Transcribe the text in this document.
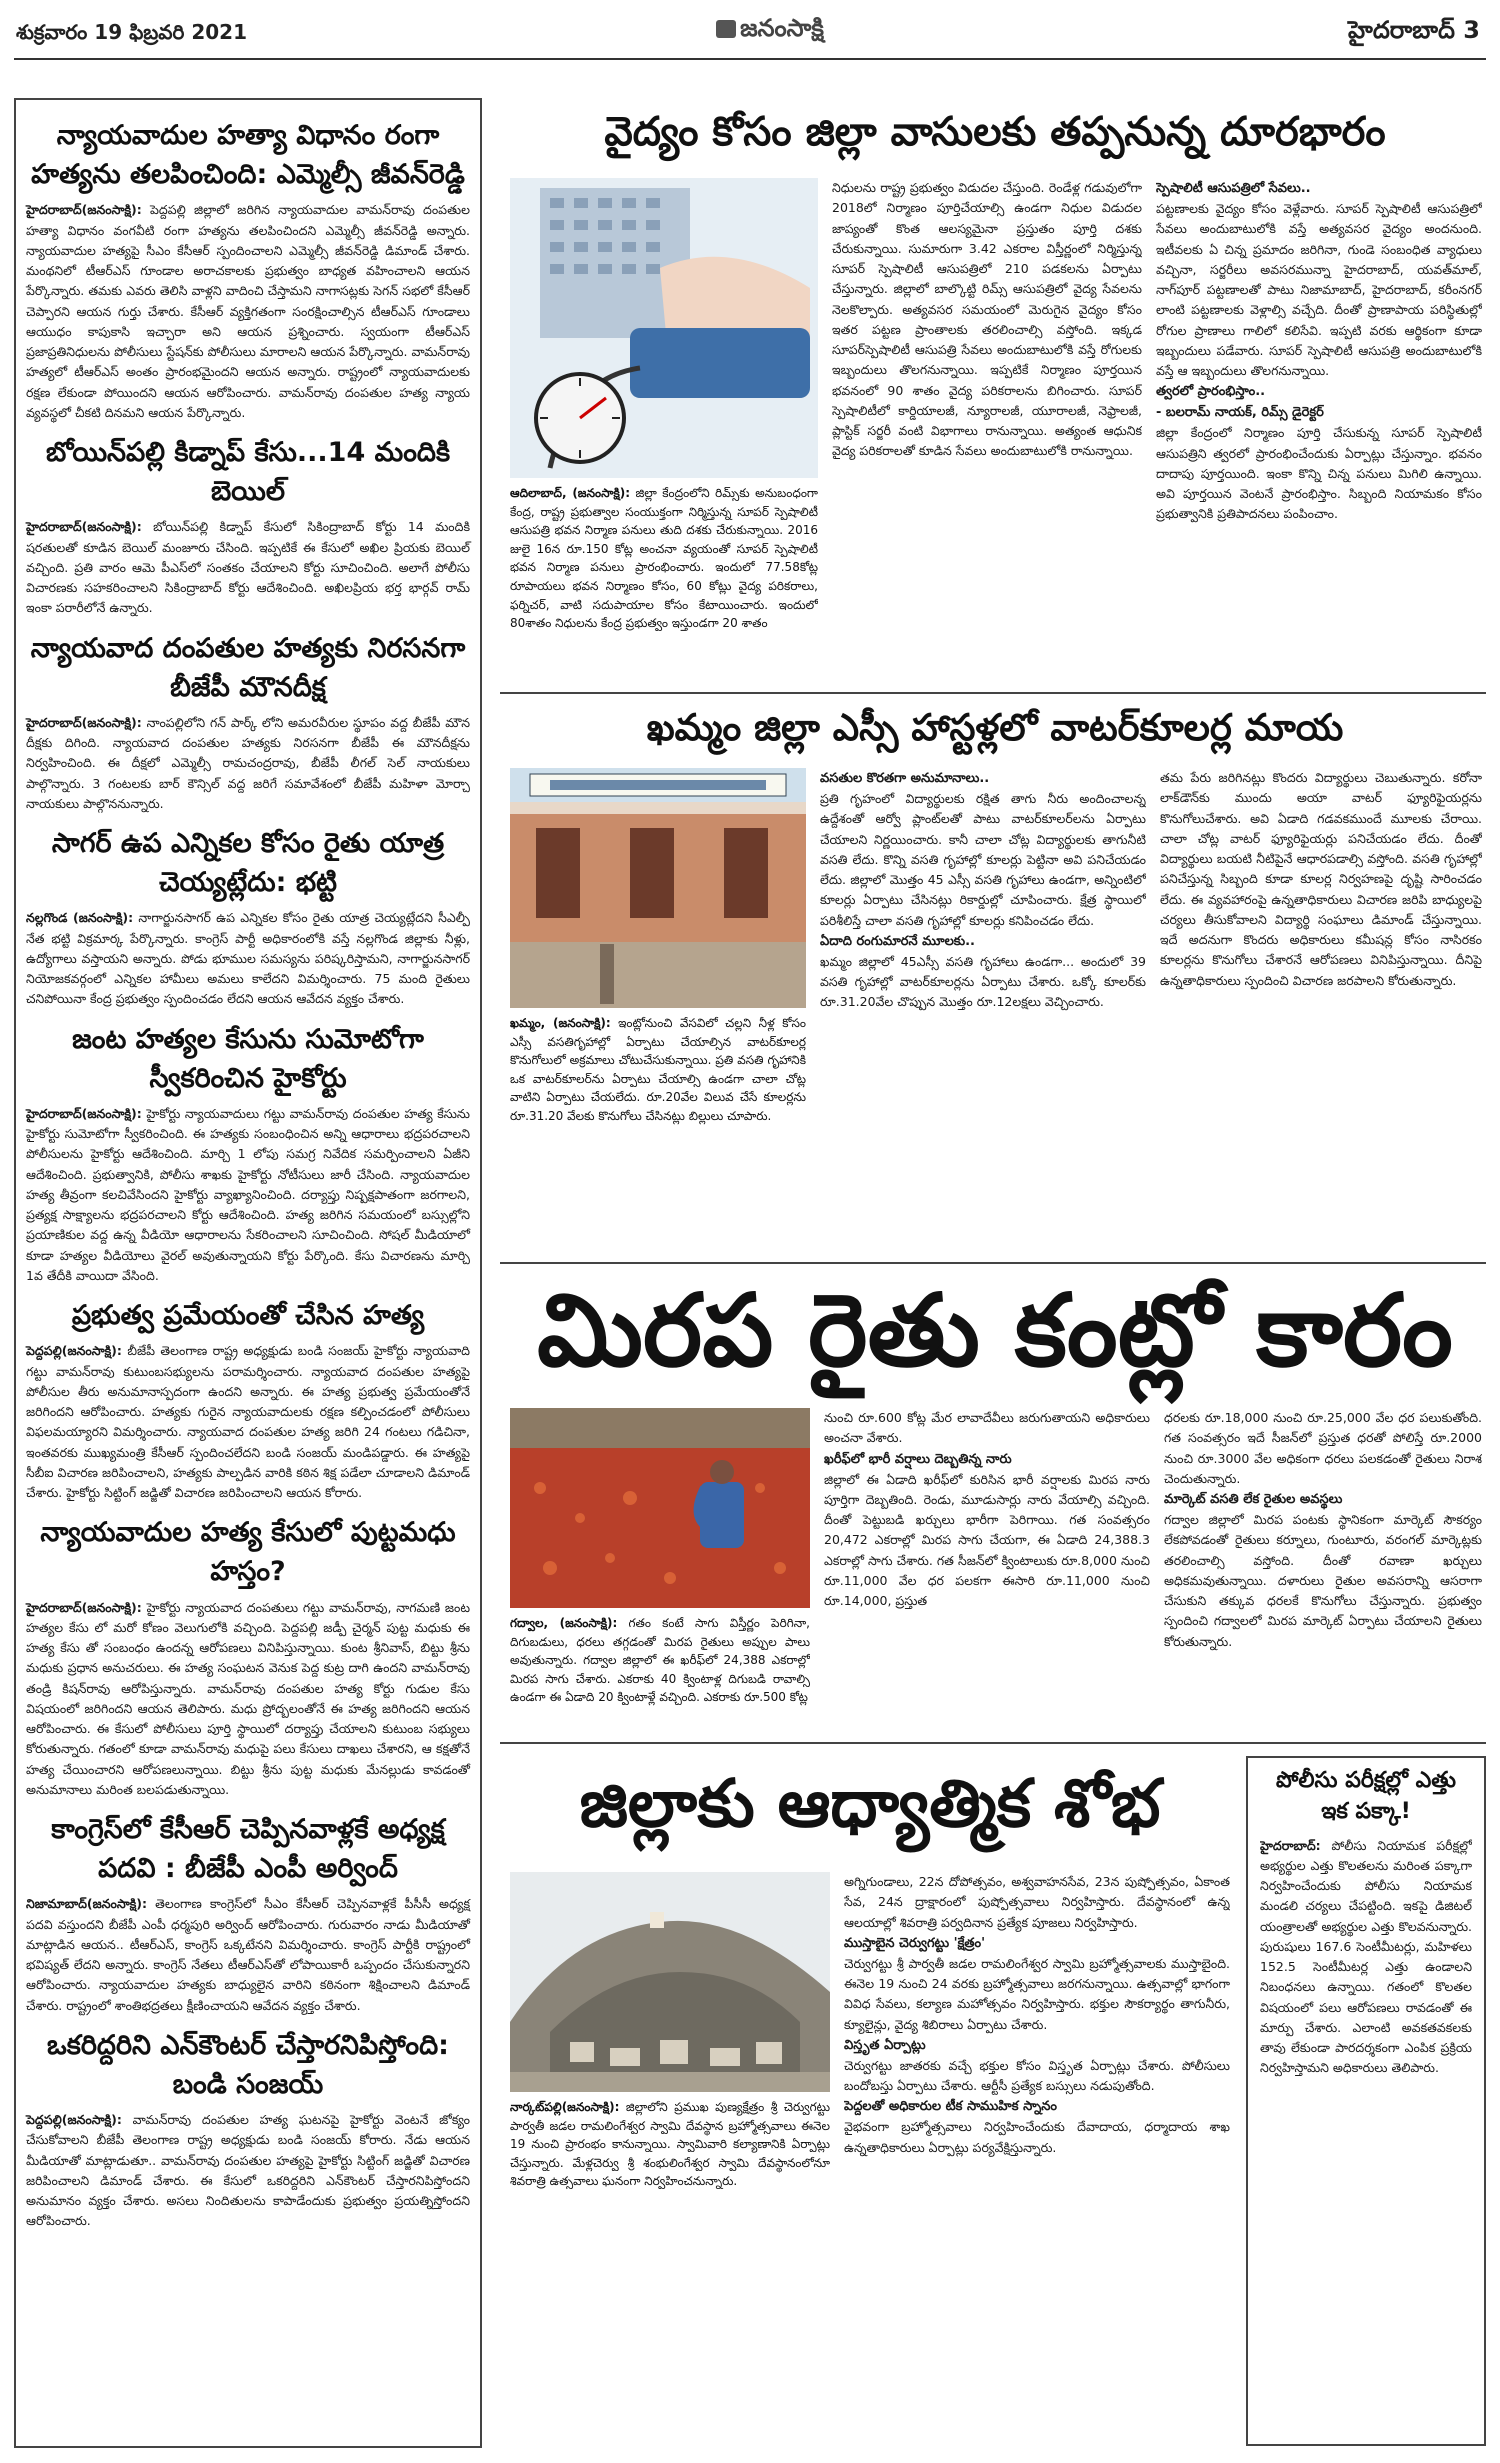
శుక్రవారం 19 ఫిబ్రవరి 2021	జనంసాక్షి	హైదరాబాద్ 3
న్యాయవాదుల హత్యా విధానం రంగా హత్యను తలపించింది: ఎమ్మెల్సీ జీవన్‌రెడ్డి

హైదరాబాద్‌(జనంసాక్షి): పెద్దపల్లి జిల్లాలో జరిగిన న్యాయవాదుల వామన్‌రావు దంపతుల హత్యా విధానం వంగవీటి రంగా హత్యను తలపించిందని ఎమ్మెల్సీ జీవన్‌రెడ్డి అన్నారు. న్యాయవాదుల హత్యపై సీఎం కేసీఆర్‌ స్పందించాలని ఎమ్మెల్సీ జీవన్‌రెడ్డి డిమాండ్‌ చేశారు. మంథనిలో టీఆర్‌ఎస్‌ గూండాల అరాచకాలకు ప్రభుత్వం బాధ్యత వహించాలని ఆయన పేర్కొన్నారు. తమకు ఎవరు తెలిసి వాళ్లని వాదించి చేస్తామని నాగాసట్లకు సెగన్‌ సభలో కేసీఆర్‌ చెప్పారని ఆయన గుర్తు చేశారు. కేసీఆర్‌ వ్యక్తిగతంగా సంరక్షించాల్సిన టీఆర్‌ఎస్‌ గూండాలు ఆయుధం కాపుకాసి ఇచ్చారా అని ఆయన ప్రశ్నించారు. స్వయంగా టీఆర్‌ఎస్‌ ప్రజాప్రతినిధులను పోలీసులు స్టేషన్‌కు పోలీసులు మారాలని ఆయన పేర్కొన్నారు. వామన్‌రావు హత్యలో టీఆర్‌ఎస్‌ అంతం ప్రారంభమైందని ఆయన అన్నారు. రాష్ట్రంలో న్యాయవాదులకు రక్షణ లేకుండా పోయిందని ఆయన ఆరోపించారు. వామన్‌రావు దంపతుల హత్య న్యాయ వ్యవస్థలో చీకటి దినమని ఆయన పేర్కొన్నారు.

బోయిన్‌పల్లి కిడ్నాప్‌ కేసు...14 మందికి బెయిల్‌

హైదరాబాద్‌(జనంసాక్షి): బోయిన్‌పల్లి కిడ్నాప్‌ కేసులో సికింద్రాబాద్‌ కోర్టు 14 మందికి షరతులతో కూడిన బెయిల్‌ మంజూరు చేసింది. ఇప్పటికే ఈ కేసులో అఖిల ప్రియకు బెయిల్‌ వచ్చింది. ప్రతి వారం ఆమె పీఎస్‌లో సంతకం చేయాలని కోర్టు సూచించింది. అలాగే పోలీసు విచారణకు సహకరించాలని సికింద్రాబాద్‌ కోర్టు ఆదేశించింది. అఖిలప్రియ భర్త భార్గవ్‌ రామ్‌ ఇంకా పరారీలోనే ఉన్నారు.

న్యాయవాద దంపతుల హత్యకు నిరసనగా బీజేపీ మౌనదీక్ష

హైదరాబాద్‌(జనంసాక్షి): నాంపల్లిలోని గన్‌ పార్క్‌ లోని అమరవీరుల స్థూపం వద్ద బీజేపీ మౌన దీక్షకు దిగింది. న్యాయవాద దంపతుల హత్యకు నిరసనగా బీజేపీ ఈ మౌనదీక్షను నిర్వహించింది. ఈ దీక్షలో ఎమ్మెల్సీ రామచంద్రరావు, బీజేపీ లీగల్‌ సెల్‌ నాయకులు పాల్గొన్నారు. 3 గంటలకు బార్‌ కౌన్సిల్‌ వద్ద జరిగే సమావేశంలో బీజేపీ మహిళా మోర్చా నాయకులు పాల్గొననున్నారు.

సాగర్‌ ఉప ఎన్నికల కోసం రైతు యాత్ర చెయ్యట్లేదు: భట్టి

నల్లగొండ (జనంసాక్షి): నాగార్జునసాగర్‌ ఉప ఎన్నికల కోసం రైతు యాత్ర చెయ్యట్లేదని సీఎల్పీ నేత భట్టి విక్రమార్క పేర్కొన్నారు. కాంగ్రెస్‌ పార్టీ అధికారంలోకి వస్తే నల్లగొండ జిల్లాకు నీళ్లు, ఉద్యోగాలు వస్తాయని అన్నారు. పోడు భూముల సమస్యను పరిష్కరిస్తామని, నాగార్జునసాగర్‌ నియోజకవర్గంలో ఎన్నికల హామీలు అమలు కాలేదని విమర్శించారు. 75 మంది రైతులు చనిపోయినా కేంద్ర ప్రభుత్వం స్పందించడం లేదని ఆయన ఆవేదన వ్యక్తం చేశారు.

జంట హత్యల కేసును సుమోటోగా స్వీకరించిన హైకోర్టు

హైదరాబాద్‌(జనంసాక్షి): హైకోర్టు న్యాయవాదులు గట్టు వామన్‌రావు దంపతుల హత్య కేసును హైకోర్టు సుమోటోగా స్వీకరించింది. ఈ హత్యకు సంబంధించిన అన్ని ఆధారాలు భద్రపరచాలని పోలీసులను హైకోర్టు ఆదేశించింది. మార్చి 1 లోపు సమగ్ర నివేదిక సమర్పించాలని ఏజీని ఆదేశించింది. ప్రభుత్వానికి, పోలీసు శాఖకు హైకోర్టు నోటీసులు జారీ చేసింది. న్యాయవాదుల హత్య తీవ్రంగా కలచివేసిందని హైకోర్టు వ్యాఖ్యానించింది. దర్యాప్తు నిష్పక్షపాతంగా జరగాలని, ప్రత్యక్ష సాక్ష్యాలను భద్రపరచాలని కోర్టు ఆదేశించింది. హత్య జరిగిన సమయంలో బస్సుల్లోని ప్రయాణికుల వద్ద ఉన్న వీడియో ఆధారాలను సేకరించాలని సూచించింది. సోషల్‌ మీడియాలో కూడా హత్యల వీడియోలు వైరల్‌ అవుతున్నాయని కోర్టు పేర్కొంది. కేసు విచారణను మార్చి 1వ తేదీకి వాయిదా వేసింది.

ప్రభుత్వ ప్రమేయంతో చేసిన హత్య

పెద్దపల్లి(జనంసాక్షి): బీజేపీ తెలంగాణ రాష్ట్ర అధ్యక్షుడు బండి సంజయ్‌ హైకోర్టు న్యాయవాది గట్టు వామన్‌రావు కుటుంబసభ్యులను పరామర్శించారు. న్యాయవాద దంపతుల హత్యపై పోలీసుల తీరు అనుమానాస్పదంగా ఉందని అన్నారు. ఈ హత్య ప్రభుత్వ ప్రమేయంతోనే జరిగిందని ఆరోపించారు. హత్యకు గురైన న్యాయవాదులకు రక్షణ కల్పించడంలో పోలీసులు విఫలమయ్యారని విమర్శించారు. న్యాయవాద దంపతుల హత్య జరిగి 24 గంటలు గడిచినా, ఇంతవరకు ముఖ్యమంత్రి కేసీఆర్‌ స్పందించలేదని బండి సంజయ్‌ మండిపడ్డారు. ఈ హత్యపై సీబీఐ విచారణ జరిపించాలని, హత్యకు పాల్పడిన వారికి కఠిన శిక్ష పడేలా చూడాలని డిమాండ్‌ చేశారు. హైకోర్టు సిట్టింగ్‌ జడ్జితో విచారణ జరిపించాలని ఆయన కోరారు.

న్యాయవాదుల హత్య కేసులో పుట్టమధు హస్తం?

హైదరాబాద్‌(జనంసాక్షి): హైకోర్టు న్యాయవాద దంపతులు గట్టు వామన్‌రావు, నాగమణి జంట హత్యల కేసు లో మరో కోణం వెలుగులోకి వచ్చింది. పెద్దపల్లి జడ్పీ చైర్మన్‌ పుట్ట మధుకు ఈ హత్య కేసు తో సంబంధం ఉందన్న ఆరోపణలు వినిపిస్తున్నాయి. కుంట శ్రీనివాస్‌, బిట్టు శ్రీను మధుకు ప్రధాన అనుచరులు. ఈ హత్య సంఘటన వెనుక పెద్ద కుట్ర దాగి ఉందని వామన్‌రావు తండ్రి కిషన్‌రావు ఆరోపిస్తున్నారు. వామన్‌రావు దంపతుల హత్య కోర్టు గుడుల కేసు విషయంలో జరిగిందని ఆయన తెలిపారు. మధు ప్రోద్బలంతోనే ఈ హత్య జరిగిందని ఆయన ఆరోపించారు. ఈ కేసులో పోలీసులు పూర్తి స్థాయిలో దర్యాప్తు చేయాలని కుటుంబ సభ్యులు కోరుతున్నారు. గతంలో కూడా వామన్‌రావు మధుపై పలు కేసులు దాఖలు చేశారని, ఆ కక్షతోనే హత్య చేయించారని ఆరోపణలున్నాయి. బిట్టు శ్రీను పుట్ట మధుకు మేనల్లుడు కావడంతో అనుమానాలు మరింత బలపడుతున్నాయి.

కాంగ్రెస్‌లో కేసీఆర్‌ చెప్పినవాళ్లకే అధ్యక్ష పదవి : బీజేపీ ఎంపీ అర్వింద్‌

నిజామాబాద్‌(జనంసాక్షి): తెలంగాణ కాంగ్రెస్‌లో సీఎం కేసీఆర్‌ చెప్పినవాళ్లకే పీసీసీ అధ్యక్ష పదవి వస్తుందని బీజేపీ ఎంపీ ధర్మపురి అర్వింద్‌ ఆరోపించారు. గురువారం నాడు మీడియాతో మాట్లాడిన ఆయన.. టీఆర్‌ఎస్‌, కాంగ్రెస్‌ ఒక్కటేనని విమర్శించారు. కాంగ్రెస్‌ పార్టీకి రాష్ట్రంలో భవిష్యత్‌ లేదని అన్నారు. కాంగ్రెస్‌ నేతలు టీఆర్‌ఎస్‌తో లోపాయికారీ ఒప్పందం చేసుకున్నారని ఆరోపించారు. న్యాయవాదుల హత్యకు బాధ్యులైన వారిని కఠినంగా శిక్షించాలని డిమాండ్‌ చేశారు. రాష్ట్రంలో శాంతిభద్రతలు క్షీణించాయని ఆవేదన వ్యక్తం చేశారు.

ఒకరిద్దరిని ఎన్‌కౌంటర్‌ చేస్తారనిపిస్తోంది: బండి సంజయ్‌

పెద్దపల్లి(జనంసాక్షి): వామన్‌రావు దంపతుల హత్య ఘటనపై హైకోర్టు వెంటనే జోక్యం చేసుకోవాలని బీజేపీ తెలంగాణ రాష్ట్ర అధ్యక్షుడు బండి సంజయ్‌ కోరారు. నేడు ఆయన మీడియాతో మాట్లాడుతూ.. వామన్‌రావు దంపతుల హత్యపై హైకోర్టు సిట్టింగ్‌ జడ్జితో విచారణ జరిపించాలని డిమాండ్‌ చేశారు. ఈ కేసులో ఒకరిద్దరిని ఎన్‌కౌంటర్‌ చేస్తారనిపిస్తోందని అనుమానం వ్యక్తం చేశారు. అసలు నిందితులను కాపాడేందుకు ప్రభుత్వం ప్రయత్నిస్తోందని ఆరోపించారు.

వైద్యం కోసం జిల్లా వాసులకు తప్పనున్న దూరభారం
ఆదిలాబాద్‌, (జనంసాక్షి): జిల్లా కేంద్రంలోని రిమ్స్‌కు అనుబంధంగా కేంద్ర, రాష్ట్ర ప్రభుత్వాల సంయుక్తంగా నిర్మిస్తున్న సూపర్‌ స్పెషాలిటీ ఆసుపత్రి భవన నిర్మాణ పనులు తుది దశకు చేరుకున్నాయి. 2016 జులై 16న రూ.150 కోట్ల అంచనా వ్యయంతో సూపర్‌ స్పెషాలిటీ భవన నిర్మాణ పనులు ప్రారంభించారు. ఇందులో 77.58కోట్ల రూపాయలు భవన నిర్మాణం కోసం, 60 కోట్లు వైద్య పరికరాలు, ఫర్నిచర్‌, వాటి సదుపాయాల కోసం కేటాయించారు. ఇందులో 80శాతం నిధులను కేంద్ర ప్రభుత్వం ఇస్తుండగా 20 శాతం
నిధులను రాష్ట్ర ప్రభుత్వం విడుదల చేస్తుంది. రెండేళ్ల గడువులోగా 2018లో నిర్మాణం పూర్తిచేయాల్సి ఉండగా నిధుల విడుదల జాప్యంతో కొంత ఆలస్యమైనా ప్రస్తుతం పూర్తి దశకు చేరుకున్నాయి. సుమారుగా 3.42 ఎకరాల విస్తీర్ణంలో నిర్మిస్తున్న సూపర్‌ స్పెషాలిటీ ఆసుపత్రిలో 210 పడకలను ఏర్పాటు చేస్తున్నారు. జిల్లాలో బాల్కొట్టి రిమ్స్‌ ఆసుపత్రిలో వైద్య సేవలను నెలకొల్పారు. అత్యవసర సమయంలో మెరుగైన వైద్యం కోసం ఇతర పట్టణ ప్రాంతాలకు తరలించాల్సి వస్తోంది. ఇక్కడ సూపర్‌స్పెషాలిటీ ఆసుపత్రి సేవలు అందుబాటులోకి వస్తే రోగులకు ఇబ్బందులు తొలగనున్నాయి. ఇప్పటికే నిర్మాణం పూర్తయిన భవనంలో 90 శాతం వైద్య పరికరాలను బిగించారు. సూపర్‌ స్పెషాలిటీలో కార్డియాలజీ, న్యూరాలజీ, యూరాలజీ, నెఫ్రాలజీ, ప్లాస్టిక్‌ సర్జరీ వంటి విభాగాలు రానున్నాయి. అత్యంత ఆధునిక వైద్య పరికరాలతో కూడిన సేవలు అందుబాటులోకి రానున్నాయి.
స్పెషాలిటీ ఆసుపత్రిలో సేవలు..
పట్టణాలకు వైద్యం కోసం వెళ్లేవారు. సూపర్‌ స్పెషాలిటీ ఆసుపత్రిలో సేవలు అందుబాటులోకి వస్తే అత్యవసర వైద్యం అందనుంది. ఇటీవలకు ఏ చిన్న ప్రమాదం జరిగినా, గుండె సంబంధిత వ్యాధులు వచ్చినా, సర్జరీలు అవసరమున్నా హైదరాబాద్‌, యవత్‌మాల్‌, నాగ్‌పూర్‌ పట్టణాలతో పాటు నిజామాబాద్‌, హైదరాబాద్‌, కరీంనగర్‌ లాంటి పట్టణాలకు వెళ్లాల్సి వచ్చేది. దీంతో ప్రాణాపాయ పరిస్థితుల్లో రోగుల ప్రాణాలు గాలిలో కలిసేవి. ఇప్పటి వరకు ఆర్థికంగా కూడా ఇబ్బందులు పడేవారు. సూపర్‌ స్పెషాలిటీ ఆసుపత్రి అందుబాటులోకి వస్తే ఆ ఇబ్బందులు తొలగనున్నాయి.
త్వరలో ప్రారంభిస్తాం..
- బలరామ్‌ నాయక్‌, రిమ్స్‌ డైరెక్టర్‌
జిల్లా కేంద్రంలో నిర్మాణం పూర్తి చేసుకున్న సూపర్‌ స్పెషాలిటీ ఆసుపత్రిని త్వరలో ప్రారంభించేందుకు ఏర్పాట్లు చేస్తున్నాం. భవనం దాదాపు పూర్తయింది. ఇంకా కొన్ని చిన్న పనులు మిగిలి ఉన్నాయి. అవి పూర్తయిన వెంటనే ప్రారంభిస్తాం. సిబ్బంది నియామకం కోసం ప్రభుత్వానికి ప్రతిపాదనలు పంపించాం.
ఖమ్మం జిల్లా ఎస్సీ హాస్టళ్లలో వాటర్‌కూలర్ల మాయ
ఖమ్మం, (జనంసాక్షి): ఇంట్లోనుంచి వేసవిలో చల్లని నీళ్ల కోసం ఎస్సీ వసతిగృహాల్లో ఏర్పాటు చేయాల్సిన వాటర్‌కూలర్ల కొనుగోలులో అక్రమాలు చోటుచేసుకున్నాయి. ప్రతి వసతి గృహానికి ఒక వాటర్‌కూలర్‌ను ఏర్పాటు చేయాల్సి ఉండగా చాలా చోట్ల వాటిని ఏర్పాటు చేయలేదు. రూ.20వేల విలువ చేసే కూలర్లను రూ.31.20 వేలకు కొనుగోలు చేసినట్లు బిల్లులు చూపారు.
వసతుల కొరతగా అనుమానాలు..
ప్రతి గృహంలో విద్యార్థులకు రక్షిత తాగు నీరు అందించాలన్న ఉద్దేశంతో ఆర్వో ప్లాంట్‌లతో పాటు వాటర్‌కూలర్‌లను ఏర్పాటు చేయాలని నిర్ణయించారు. కానీ చాలా చోట్ల విద్యార్థులకు తాగునీటి వసతి లేదు. కొన్ని వసతి గృహాల్లో కూలర్లు పెట్టినా అవి పనిచేయడం లేదు. జిల్లాలో మొత్తం 45 ఎస్సీ వసతి గృహాలు ఉండగా, అన్నింటిలో కూలర్లు ఏర్పాటు చేసినట్లు రికార్డుల్లో చూపించారు. క్షేత్ర స్థాయిలో పరిశీలిస్తే చాలా వసతి గృహాల్లో కూలర్లు కనిపించడం లేదు.
ఏదాది రంగుమారనే మూలకు..
ఖమ్మం జిల్లాలో 45ఎస్సీ వసతి గృహాలు ఉండగా... అందులో 39 వసతి గృహాల్లో వాటర్‌కూలర్లను ఏర్పాటు చేశారు. ఒక్కో కూలర్‌కు రూ.31.20వేల చొప్పున మొత్తం రూ.12లక్షలు వెచ్చించారు.
తమ పేరు జరిగినట్లు కొందరు విద్యార్థులు చెబుతున్నారు. కరోనా లాక్‌డౌన్‌కు ముందు అయా వాటర్‌ ఫ్యూరిఫైయర్లను కొనుగోలుచేశారు. అవి ఏడాది గడవకముందే మూలకు చేరాయి. చాలా చోట్ల వాటర్‌ ఫ్యూరిఫైయర్లు పనిచేయడం లేదు. దీంతో విద్యార్థులు బయటి నీటిపైనే ఆధారపడాల్సి వస్తోంది. వసతి గృహాల్లో పనిచేస్తున్న సిబ్బంది కూడా కూలర్ల నిర్వహణపై దృష్టి సారించడం లేదు. ఈ వ్యవహారంపై ఉన్నతాధికారులు విచారణ జరిపి బాధ్యులపై చర్యలు తీసుకోవాలని విద్యార్థి సంఘాలు డిమాండ్‌ చేస్తున్నాయి. ఇదే అదనుగా కొందరు అధికారులు కమీషన్ల కోసం నాసిరకం కూలర్లను కొనుగోలు చేశారనే ఆరోపణలు వినిపిస్తున్నాయి. దీనిపై ఉన్నతాధికారులు స్పందించి విచారణ జరపాలని కోరుతున్నారు.
మిరప రైతు కంట్లో కారం
గద్వాల, (జనంసాక్షి): గతం కంటే సాగు విస్తీర్ణం పెరిగినా, దిగుబడులు, ధరలు తగ్గడంతో మిరప రైతులు అప్పుల పాలు అవుతున్నారు. గద్వాల జిల్లాలో ఈ ఖరీఫ్‌లో 24,388 ఎకరాల్లో మిరప సాగు చేశారు. ఎకరాకు 40 క్వింటాళ్ల దిగుబడి రావాల్సి ఉండగా ఈ ఏడాది 20 క్వింటాళ్లే వచ్చింది. ఎకరాకు రూ.500 కోట్ల
నుంచి రూ.600 కోట్ల మేర లావాదేవీలు జరుగుతాయని అధికారులు అంచనా వేశారు.
ఖరీఫ్‌లో భారీ వర్షాలు దెబ్బతిన్న నారు
జిల్లాలో ఈ ఏడాది ఖరీఫ్‌లో కురిసిన భారీ వర్షాలకు మిరప నారు పూర్తిగా దెబ్బతింది. రెండు, మూడుసార్లు నారు వేయాల్సి వచ్చింది. దీంతో పెట్టుబడి ఖర్చులు భారీగా పెరిగాయి. గత సంవత్సరం 20,472 ఎకరాల్లో మిరప సాగు చేయగా, ఈ ఏడాది 24,388.3 ఎకరాల్లో సాగు చేశారు. గత సీజన్‌లో క్వింటాలుకు రూ.8,000 నుంచి రూ.11,000 వేల ధర పలకగా ఈసారి రూ.11,000 నుంచి రూ.14,000, ప్రస్తుత
ధరలకు రూ.18,000 నుంచి రూ.25,000 వేల ధర పలుకుతోంది. గత సంవత్సరం ఇదే సీజన్‌లో ప్రస్తుత ధరతో పోలిస్తే రూ.2000 నుంచి రూ.3000 వేల అధికంగా ధరలు పలకడంతో రైతులు నిరాశ చెందుతున్నారు.
మార్కెట్‌ వసతి లేక రైతుల అవస్థలు
గద్వాల జిల్లాలో మిరప పంటకు స్థానికంగా మార్కెట్‌ సౌకర్యం లేకపోవడంతో రైతులు కర్నూలు, గుంటూరు, వరంగల్‌ మార్కెట్లకు తరలించాల్సి వస్తోంది. దీంతో రవాణా ఖర్చులు అధికమవుతున్నాయి. దళారులు రైతుల అవసరాన్ని ఆసరాగా చేసుకుని తక్కువ ధరలకే కొనుగోలు చేస్తున్నారు. ప్రభుత్వం స్పందించి గద్వాలలో మిరప మార్కెట్‌ ఏర్పాటు చేయాలని రైతులు కోరుతున్నారు.
జిల్లాకు ఆధ్యాత్మిక శోభ
నార్కట్‌పల్లి(జనంసాక్షి): జిల్లాలోని ప్రముఖ పుణ్యక్షేత్రం శ్రీ చెర్వుగట్టు పార్వతీ జడల రామలింగేశ్వర స్వామి దేవస్థాన బ్రహ్మోత్సవాలు ఈనెల 19 నుంచి ప్రారంభం కానున్నాయి. స్వామివారి కల్యాణానికి ఏర్పాట్లు చేస్తున్నారు. మేళ్లచెర్వు శ్రీ శంభులింగేశ్వర స్వామి దేవస్థానంలోనూ శివరాత్రి ఉత్సవాలు ఘనంగా నిర్వహించనున్నారు.
అగ్నిగుండాలు, 22న దోపోత్సవం, అశ్వవాహనసేవ, 23న పుష్పోత్సవం, ఏకాంత సేవ, 24న ద్రాక్షారంలో పుష్పోత్సవాలు నిర్వహిస్తారు. దేవస్థానంలో ఉన్న ఆలయాల్లో శివరాత్రి పర్వదినాన ప్రత్యేక పూజలు నిర్వహిస్తారు.
ముస్తాబైన చెర్వుగట్టు 'క్షేత్రం'
చెర్వుగట్టు శ్రీ పార్వతీ జడల రామలింగేశ్వర స్వామి బ్రహ్మోత్సవాలకు ముస్తాబైంది. ఈనెల 19 నుంచి 24 వరకు బ్రహ్మోత్సవాలు జరగనున్నాయి. ఉత్సవాల్లో భాగంగా వివిధ సేవలు, కల్యాణ మహోత్సవం నిర్వహిస్తారు. భక్తుల సౌకర్యార్థం తాగునీరు, క్యూలైన్లు, వైద్య శిబిరాలు ఏర్పాటు చేశారు.
విస్తృత ఏర్పాట్లు
చెర్వుగట్టు జాతరకు వచ్చే భక్తుల కోసం విస్తృత ఏర్పాట్లు చేశారు. పోలీసులు బందోబస్తు ఏర్పాటు చేశారు. ఆర్టీసీ ప్రత్యేక బస్సులు నడుపుతోంది.
పెద్దలతో అధికారుల టీక సాముహిక స్నానం
వైభవంగా బ్రహ్మోత్సవాలు నిర్వహించేందుకు దేవాదాయ, ధర్మాదాయ శాఖ ఉన్నతాధికారులు ఏర్పాట్లు పర్యవేక్షిస్తున్నారు.
పోలీసు పరీక్షల్లో ఎత్తు ఇక పక్కా!
హైదరాబాద్‌: పోలీసు నియామక పరీక్షల్లో అభ్యర్థుల ఎత్తు కొలతలను మరింత పక్కాగా నిర్వహించేందుకు పోలీసు నియామక మండలి చర్యలు చేపట్టింది. ఇకపై డిజిటల్‌ యంత్రాలతో అభ్యర్థుల ఎత్తు కొలవనున్నారు. పురుషులు 167.6 సెంటీమీటర్లు, మహిళలు 152.5 సెంటీమీటర్ల ఎత్తు ఉండాలని నిబంధనలు ఉన్నాయి. గతంలో కొలతల విషయంలో పలు ఆరోపణలు రావడంతో ఈ మార్పు చేశారు. ఎలాంటి అవకతవకలకు తావు లేకుండా పారదర్శకంగా ఎంపిక ప్రక్రియ నిర్వహిస్తామని అధికారులు తెలిపారు.
